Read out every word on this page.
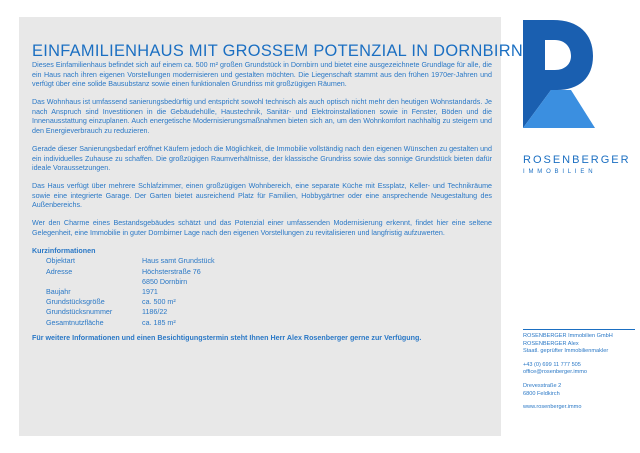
EINFAMILIENHAUS MIT GROSSEM POTENZIAL IN DORNBIRN

Dieses Einfamilienhaus befindet sich auf einem ca. 500 m² großen Grundstück in Dornbirn und bietet eine ausgezeichnete Grundlage für alle, die ein Haus nach ihren eigenen Vorstellungen modernisieren und gestalten möchten. Die Liegenschaft stammt aus den frühen 1970er-Jahren und verfügt über eine solide Bausubstanz sowie einen funktionalen Grundriss mit großzügigen Räumen.

Das Wohnhaus ist umfassend sanierungsbedürftig und entspricht sowohl technisch als auch optisch nicht mehr den heutigen Wohnstandards. Je nach Anspruch sind Investitionen in die Gebäudehülle, Haustechnik, Sanitär- und Elektroinstallationen sowie in Fenster, Böden und die Innenausstattung einzuplanen. Auch energetische Modernisierungsmaßnahmen bieten sich an, um den Wohnkomfort nachhaltig zu steigern und den Energieverbrauch zu reduzieren.

Gerade dieser Sanierungsbedarf eröffnet Käufern jedoch die Möglichkeit, die Immobilie vollständig nach den eigenen Wünschen zu gestalten und ein individuelles Zuhause zu schaffen. Die großzügigen Raumverhältnisse, der klassische Grundriss sowie das sonnige Grundstück bieten dafür ideale Voraussetzungen.

Das Haus verfügt über mehrere Schlafzimmer, einen großzügigen Wohnbereich, eine separate Küche mit Essplatz, Keller- und Technikräume sowie eine integrierte Garage. Der Garten bietet ausreichend Platz für Familien, Hobbygärtner oder eine ansprechende Neugestaltung des Außenbereichs.

Wer den Charme eines Bestandsgebäudes schätzt und das Potenzial einer umfassenden Modernisierung erkennt, findet hier eine seltene Gelegenheit, eine Immobilie in guter Dornbirner Lage nach den eigenen Vorstellungen zu revitalisieren und langfristig aufzuwerten.

Kurzinformationen
Objektart	Haus samt Grundstück
Adresse	Höchsterstraße 76
	6850 Dornbirn
Baujahr	1971
Grundstücksgröße	ca. 500 m²
Grundstücksnummer	1186/22
Gesamtnutzfläche	ca. 185 m²
Für weitere Informationen und einen Besichtigungstermin steht Ihnen Herr Alex Rosenberger gerne zur Verfügung.
ROSENBERGER
IMMOBILIEN
ROSENBERGER Immobilien GmbH
ROSENBERGER Alex
Staatl. geprüfter Immobilienmakler
+43 (0) 699 11 777 505
office@rosenberger.immo
Drevesstraße 2
6800 Feldkirch
www.rosenberger.immo
